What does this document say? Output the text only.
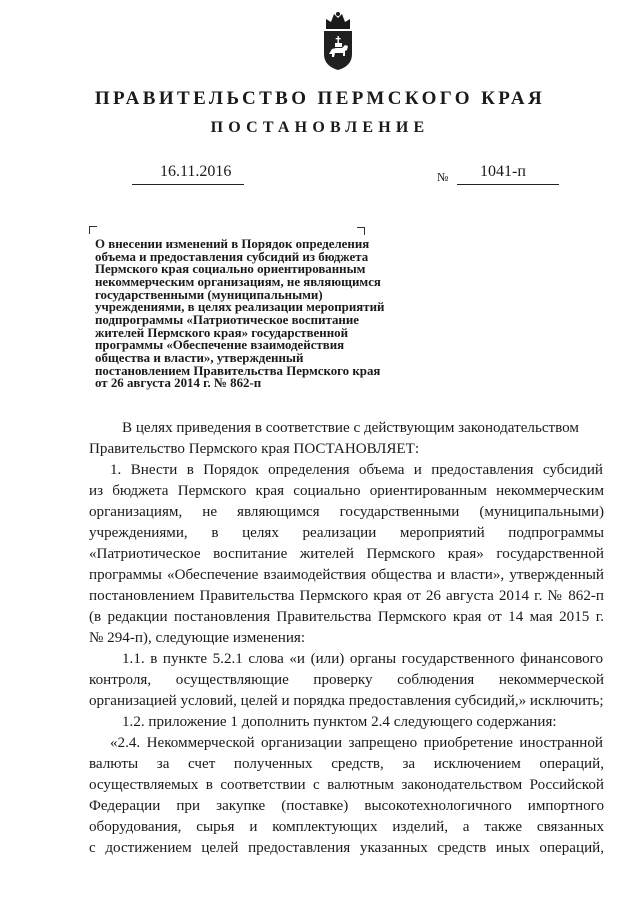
ПРАВИТЕЛЬСТВО ПЕРМСКОГО КРАЯ
ПОСТАНОВЛЕНИЕ
16.11.2016	№ 1041-п
О внесении изменений в Порядок определения
объема и предоставления субсидий из бюджета
Пермского края социально ориентированным
некоммерческим организациям, не являющимся
государственными (муниципальными)
учреждениями, в целях реализации мероприятий
подпрограммы «Патриотическое воспитание
жителей Пермского края» государственной
программы «Обеспечение взаимодействия
общества и власти», утвержденный
постановлением Правительства Пермского края
от 26 августа 2014 г. № 862-п
В целях приведения в соответствие с действующим законодательством
Правительство Пермского края ПОСТАНОВЛЯЕТ:
1. Внести в Порядок определения объема и предоставления субсидий
из бюджета Пермского края социально ориентированным некоммерческим
организациям, не являющимся государственными (муниципальными)
учреждениями, в целях реализации мероприятий подпрограммы
«Патриотическое воспитание жителей Пермского края» государственной
программы «Обеспечение взаимодействия общества и власти», утвержденный
постановлением Правительства Пермского края от 26 августа 2014 г. № 862-п
(в редакции постановления Правительства Пермского края от 14 мая 2015 г.
№ 294-п), следующие изменения:
1.1. в пункте 5.2.1 слова «и (или) органы государственного финансового
контроля, осуществляющие проверку соблюдения некоммерческой
организацией условий, целей и порядка предоставления субсидий,» исключить;
1.2. приложение 1 дополнить пунктом 2.4 следующего содержания:
«2.4. Некоммерческой организации запрещено приобретение иностранной
валюты за счет полученных средств, за исключением операций,
осуществляемых в соответствии с валютным законодательством Российской
Федерации при закупке (поставке) высокотехнологичного импортного
оборудования, сырья и комплектующих изделий, а также связанных
с достижением целей предоставления указанных средств иных операций,
